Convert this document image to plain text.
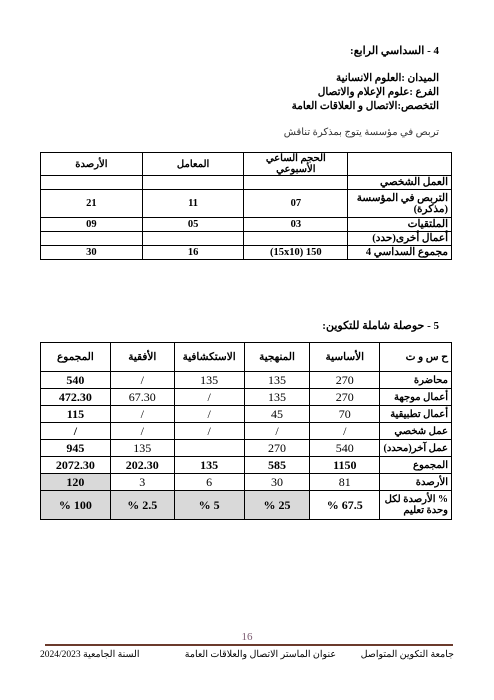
4 - السداسي الرابع:
الميدان :العلوم الانسانية
الفرع :علوم الإعلام والاتصال
التخصص:الاتصال و العلاقات العامة
تربص في مؤسسة يتوج بمذكرة تناقش
	الحجم الساعي الأسبوعي	المعامل	الأرصدة
العمل الشخصي			
التربص في المؤسسة (مذكرة)	07	11	21
الملتقيات	03	05	09
أعمال أخرى(حدد)			
مجموع السداسي 4	150 (15x10)	16	30
5 - حوصلة شاملة للتكوين:
ح س و ت	الأساسية	المنهجية	الاستكشافية	الأفقية	المجموع
محاضرة	270	135	135	/	540
أعمال موجهة	270	135	/	67.30	472.30
أعمال تطبيقية	70	45	/	/	115
عمل شخصي	/	/	/	/	/
عمل آخر(محدد)	540	270		135	945
المجموع	1150	585	135	202.30	2072.30
الأرصدة	81	30	6	3	120
% الأرصدة لكل وحدة تعليم	67.5 %	25 %	5 %	2.5 %	100 %
16
جامعة التكوين المتواصل
عنوان الماستر الاتصال والعلاقات العامة
السنة الجامعية 2024/2023
